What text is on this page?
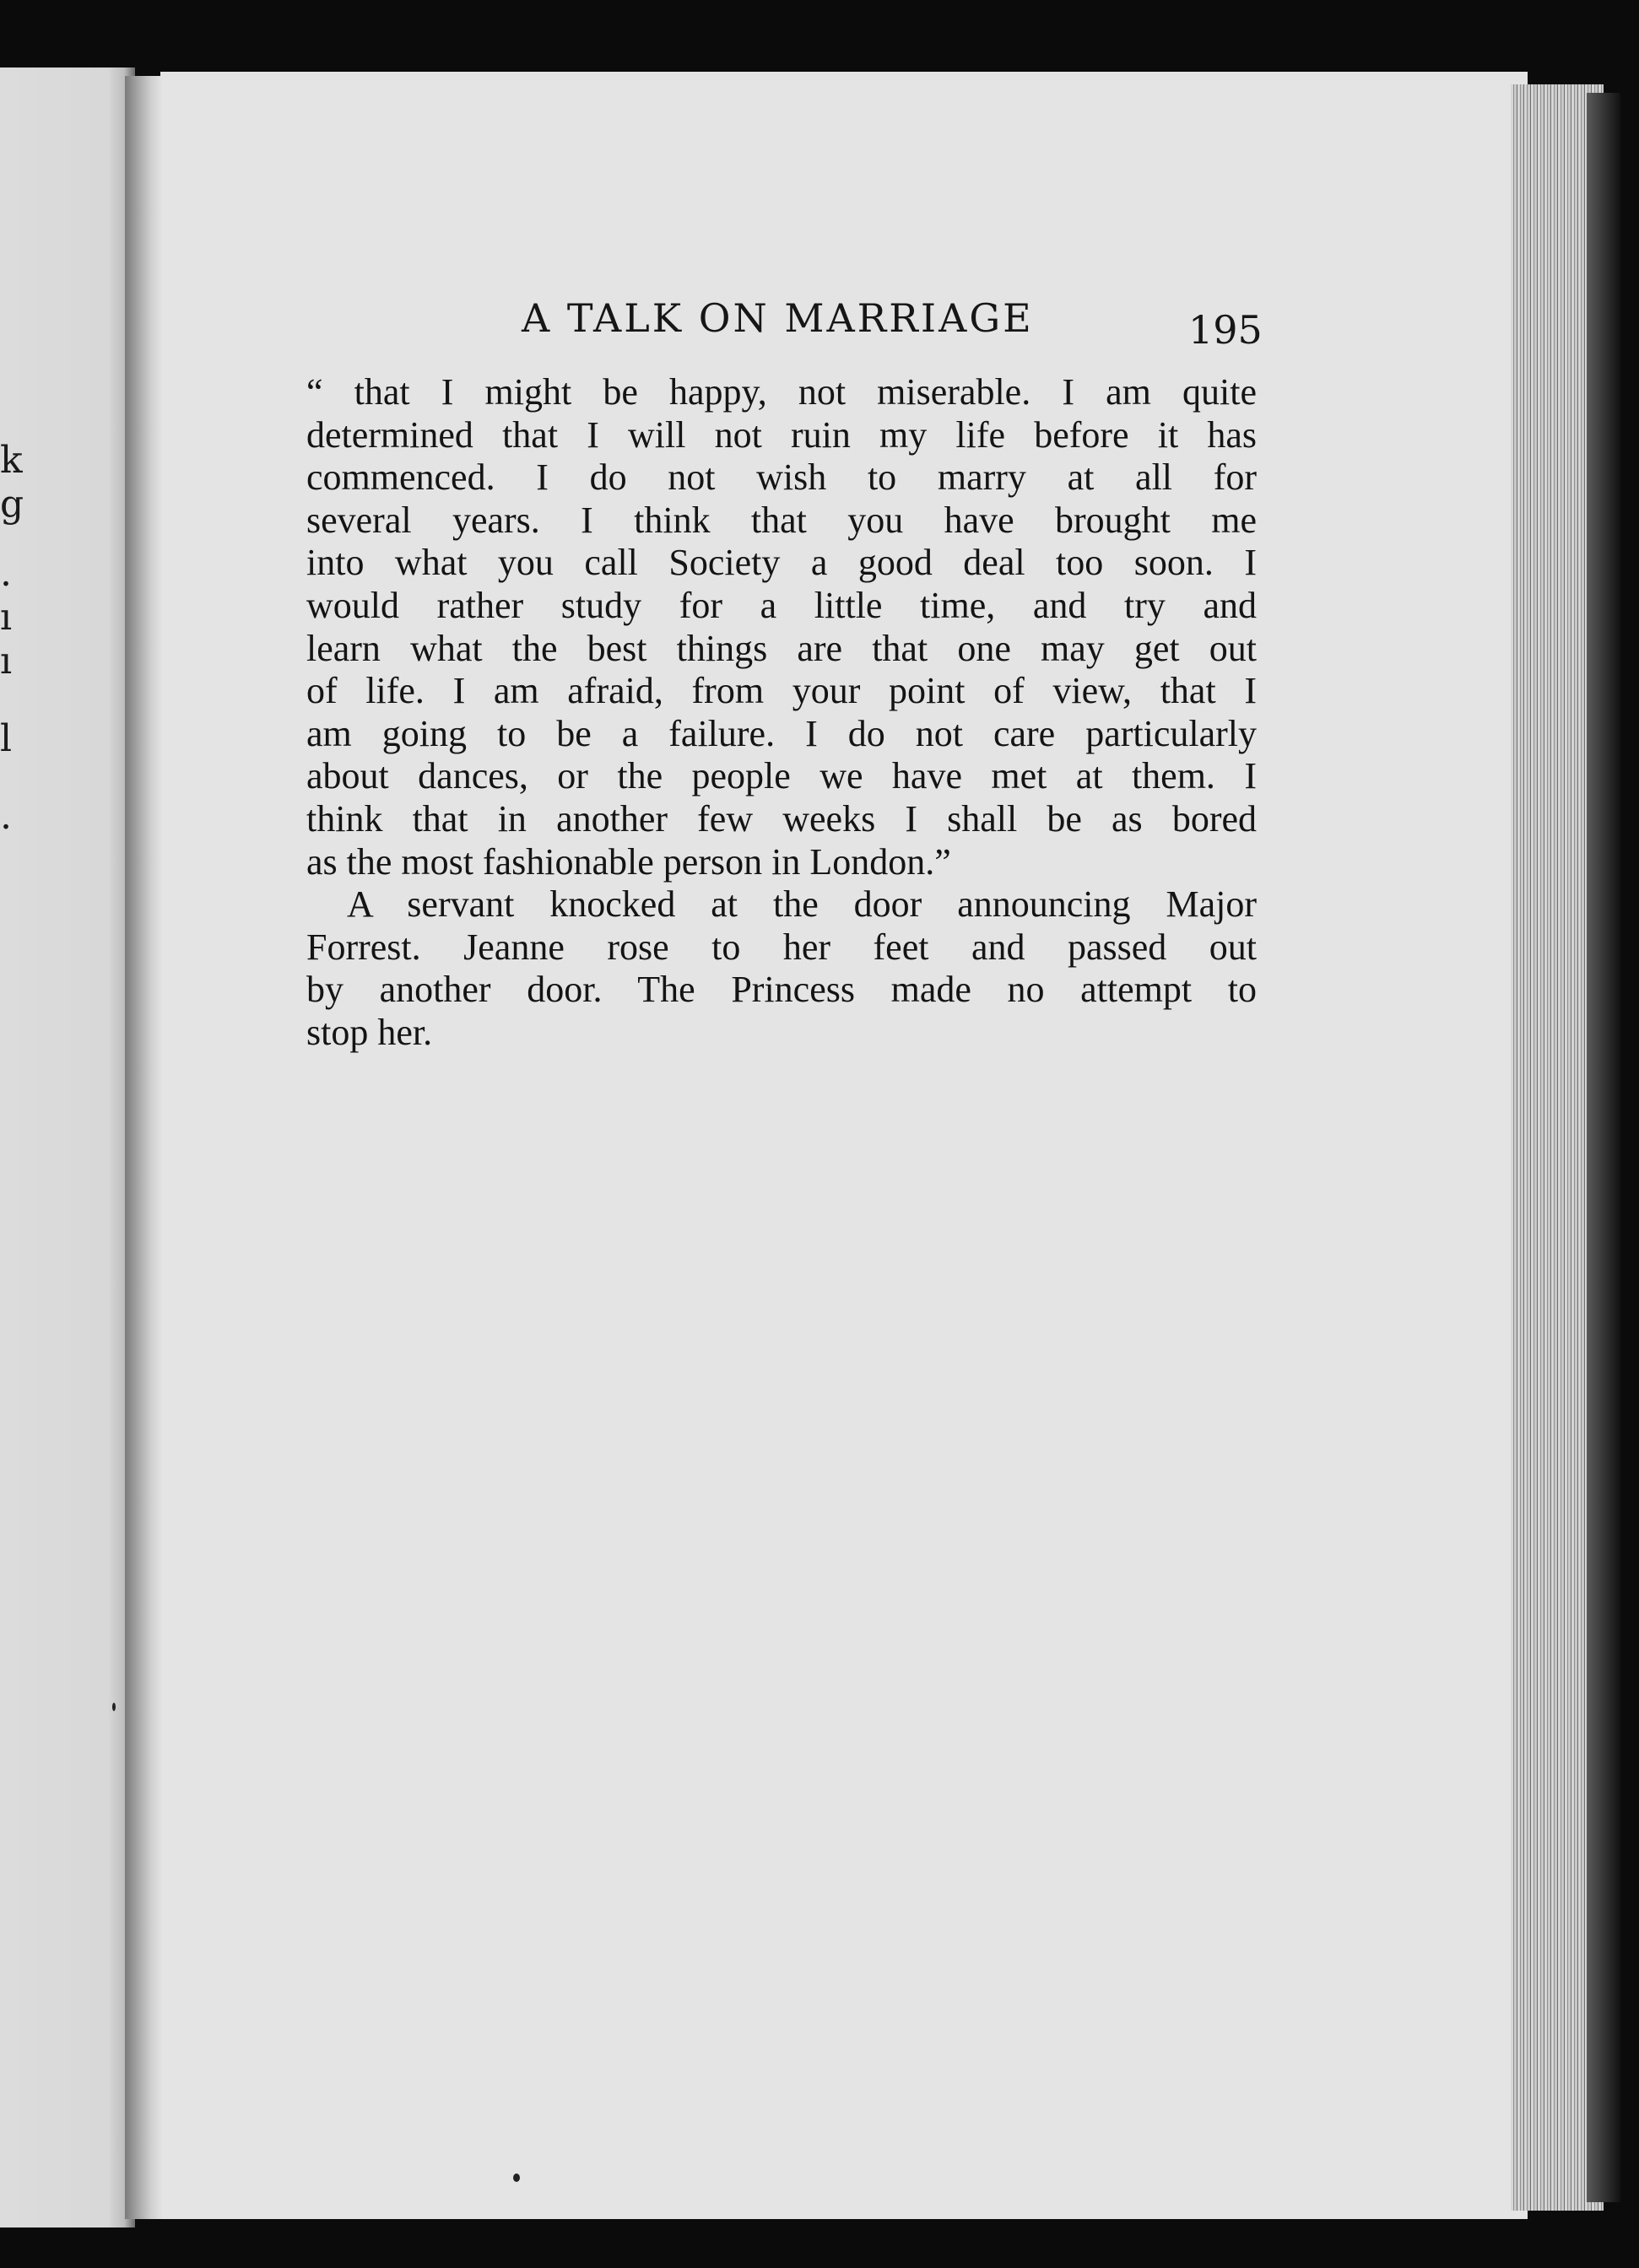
k
g
.
ı
ı
l
.
A TALK ON MARRIAGE	195
“ that I might be happy, not miserable. I am quite
determined that I will not ruin my life before it has
commenced. I do not wish to marry at all for
several years. I think that you have brought me
into what you call Society a good deal too soon. I
would rather study for a little time, and try and
learn what the best things are that one may get out
of life. I am afraid, from your point of view, that I
am going to be a failure. I do not care particularly
about dances, or the people we have met at them. I
think that in another few weeks I shall be as bored
as the most fashionable person in London.”
A servant knocked at the door announcing Major
Forrest. Jeanne rose to her feet and passed out
by another door. The Princess made no attempt to
stop her.
